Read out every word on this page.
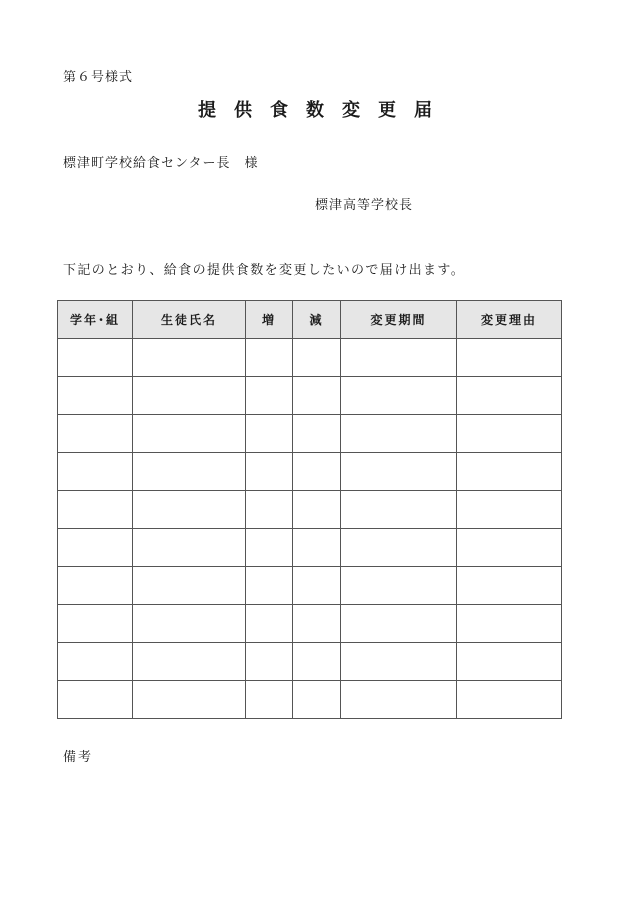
第６号様式
提供食数変更届
標津町学校給食センター長　様
標津高等学校長
下記のとおり、給食の提供食数を変更したいので届け出ます。
学年･組	生徒氏名	増	減	変更期間	変更理由

備考
